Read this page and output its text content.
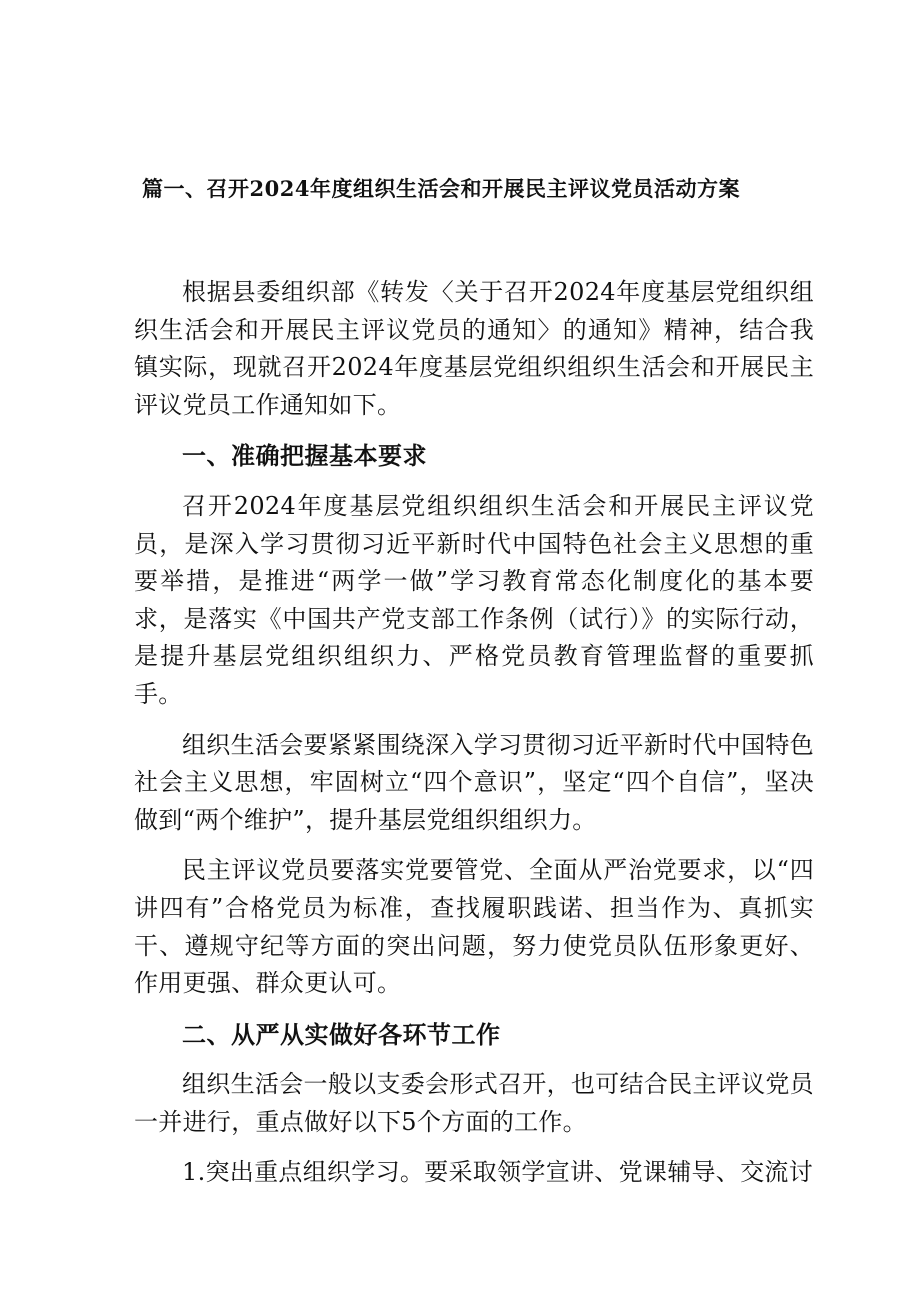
篇一、召开2024年度组织生活会和开展民主评议党员活动方案

根据县委组织部《转发〈关于召开2024年度基层党组织组织生活会和开展民主评议党员的通知〉的通知》精神，结合我镇实际，现就召开2024年度基层党组织组织生活会和开展民主评议党员工作通知如下。

一、准确把握基本要求

召开2024年度基层党组织组织生活会和开展民主评议党员，是深入学习贯彻习近平新时代中国特色社会主义思想的重要举措，是推进“两学一做”学习教育常态化制度化的基本要求，是落实《中国共产党支部工作条例（试行）》的实际行动，是提升基层党组织组织力、严格党员教育管理监督的重要抓手。

组织生活会要紧紧围绕深入学习贯彻习近平新时代中国特色社会主义思想，牢固树立“四个意识”，坚定“四个自信”，坚决做到“两个维护”，提升基层党组织组织力。

民主评议党员要落实党要管党、全面从严治党要求，以“四讲四有”合格党员为标准，查找履职践诺、担当作为、真抓实干、遵规守纪等方面的突出问题，努力使党员队伍形象更好、作用更强、群众更认可。

二、从严从实做好各环节工作

组织生活会一般以支委会形式召开，也可结合民主评议党员一并进行，重点做好以下5个方面的工作。

1.突出重点组织学习。要采取领学宣讲、党课辅导、交流讨
